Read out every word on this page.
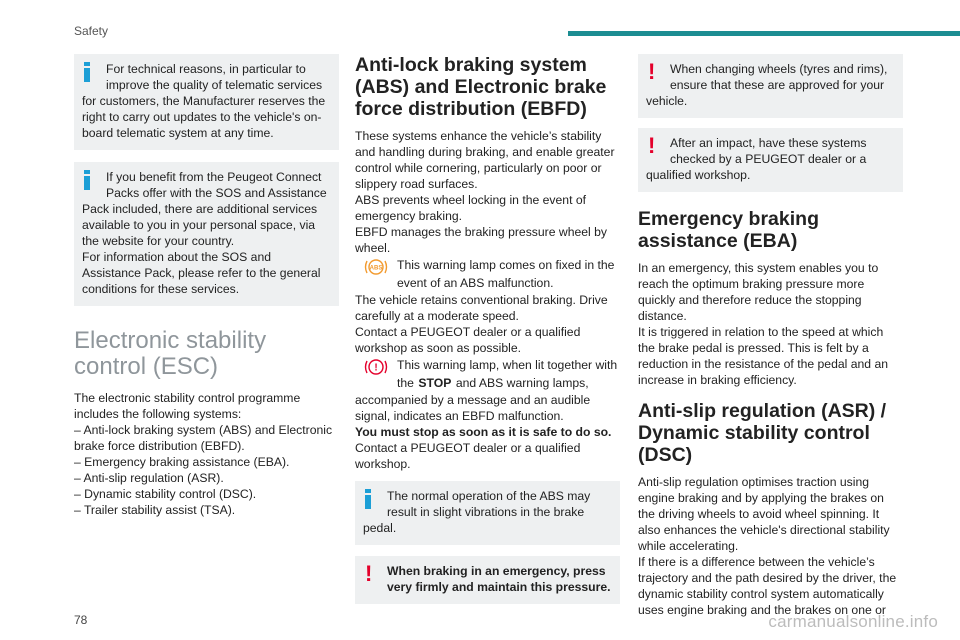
Safety
For technical reasons, in particular to improve the quality of telematic services
for customers, the Manufacturer reserves the right to carry out updates to the vehicle's on-board telematic system at any time.
If you benefit from the Peugeot Connect Packs offer with the SOS and Assistance
Pack included, there are additional services available to you in your personal space, via the website for your country.
For information about the SOS and Assistance Pack, please refer to the general conditions for these services.
Electronic stability control (ESC)

The electronic stability control programme includes the following systems:

– Anti-lock braking system (ABS) and Electronic brake force distribution (EBFD).

– Emergency braking assistance (EBA).

– Anti-slip regulation (ASR).

– Dynamic stability control (DSC).

– Trailer stability assist (TSA).

Anti-lock braking system (ABS) and Electronic brake force distribution (EBFD)

These systems enhance the vehicle’s stability and handling during braking, and enable greater control while cornering, particularly on poor or slippery road surfaces.

ABS prevents wheel locking in the event of emergency braking.

EBFD manages the braking pressure wheel by wheel.

ABS This warning lamp comes on fixed in the event of an ABS malfunction.

The vehicle retains conventional braking. Drive carefully at a moderate speed.

Contact a PEUGEOT dealer or a qualified workshop as soon as possible.

! This warning lamp, when lit together with the STOP and ABS warning lamps,

accompanied by a message and an audible signal, indicates an EBFD malfunction.

You must stop as soon as it is safe to do so.

Contact a PEUGEOT dealer or a qualified workshop.

The normal operation of the ABS may result in slight vibrations in the brake
pedal.
!	When braking in an emergency, press very firmly and maintain this pressure.
!	When changing wheels (tyres and rims), ensure that these are approved for your
vehicle.
!	After an impact, have these systems checked by a PEUGEOT dealer or a
qualified workshop.
Emergency braking assistance (EBA)

In an emergency, this system enables you to reach the optimum braking pressure more quickly and therefore reduce the stopping distance.

It is triggered in relation to the speed at which the brake pedal is pressed. This is felt by a reduction in the resistance of the pedal and an increase in braking efficiency.

Anti-slip regulation (ASR) / Dynamic stability control (DSC)

Anti-slip regulation optimises traction using engine braking and by applying the brakes on the driving wheels to avoid wheel spinning. It also enhances the vehicle's directional stability while accelerating.

If there is a difference between the vehicle’s trajectory and the path desired by the driver, the dynamic stability control system automatically uses engine braking and the brakes on one or

78	carmanualsonline.info
